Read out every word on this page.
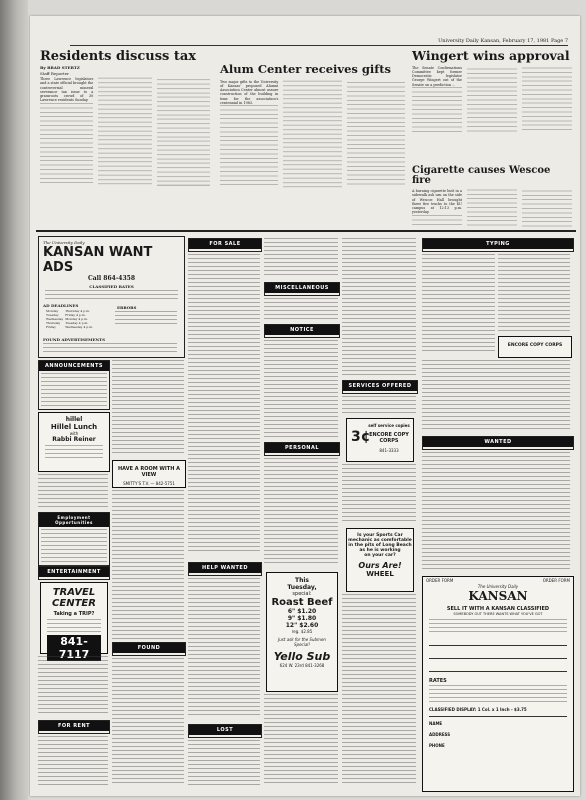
University Daily Kansan, February 17, 1981 Page 7
Residents discuss tax
By BRAD STERTZ
Staff Reporter
Three Lawrence legislators and a state official brought the controversial mineral severance tax issue to a grassroots crowd of 30 Lawrence residents Sunday.
Alum Center receives gifts
Two major gifts to the University of Kansas' proposed Alumni Association Center almost assure construction of the building in time for the association's centennial in 1983.
Wingert wins approval
The Senate Confirmations Committee kept former Democratic legislator George Wingert out of the Senate on a prediction ...
Cigarette causes Wescoe fire
A burning cigarette butt in a sidewalk ash urn on the side of Wescoe Hall brought three fire trucks to the KU campus at 12:13 p.m. yesterday.
The University Daily
KANSAN WANT ADS
Call 864-4358
CLASSIFIED RATES
AD DEADLINES
Monday	Thursday 4 p.m.
Tuesday	Friday 4 p.m.
Wednesday	Monday 4 p.m.
Thursday	Tuesday 4 p.m.
Friday	Wednesday 4 p.m.
ERRORS
FOUND ADVERTISEMENTS
ANNOUNCEMENTS
hillel
Hillel Lunch
with
Rabbi Reiner
Employment Opportunities
ENTERTAINMENT
TRAVEL
CENTER
Taking a TRIP?
841-7117
FOR RENT
HAVE A ROOM WITH A VIEW
SMITTY'S T.V. — 842-5751
FOUND
FOR SALE
HELP WANTED
LOST
MISCELLANEOUS
NOTICE
PERSONAL
This
Tuesday,
special:
Roast Beef
6" $1.20
9" $1.80
12" $2.60
reg. $2.85
Just ask for the Submen Special!
Yello Sub
624 W. 23rd 841-3268
SERVICES OFFERED
3¢
self service copies
ENCORE COPY CORPS
841-3333
Is your Sports Car
mechanic as comfortable
in the pits of Long Beach
as he is working
on your car?
Ours Are!
WHEEL
TYPING
ENCORE COPY CORPS
WANTED
ORDER FORM	ORDER FORM
The University Daily
KANSAN
SELL IT WITH A KANSAN CLASSIFIED
SOMEBODY OUT THERE WANTS WHAT YOU'VE GOT
RATES
CLASSIFIED DISPLAY: 1 Col. x 1 Inch - $3.75
NAME
ADDRESS
PHONE
